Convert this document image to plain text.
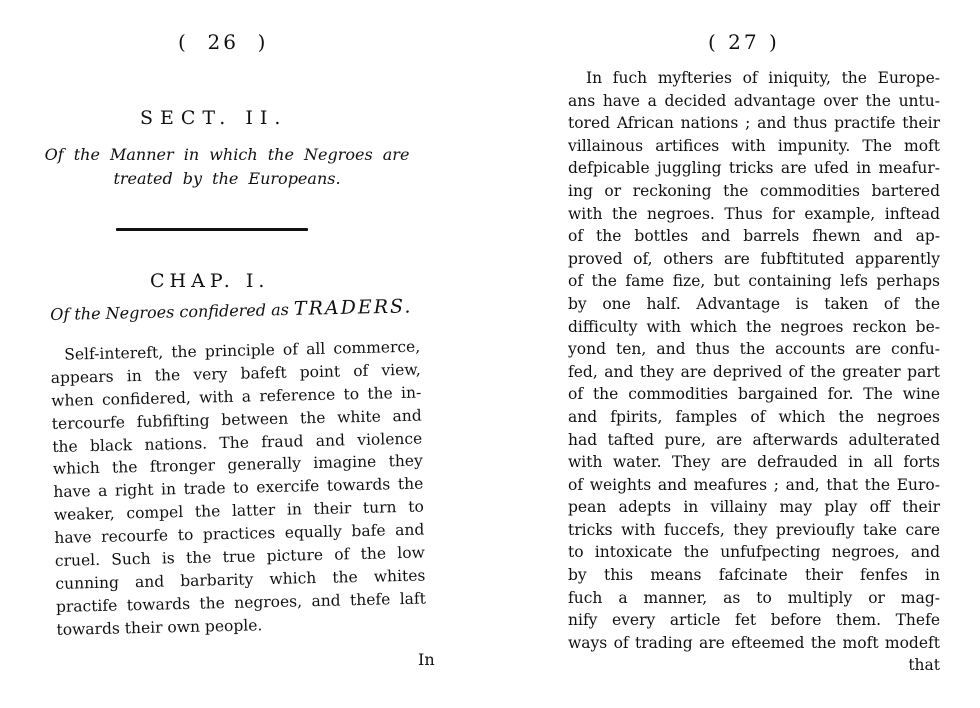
(  26  )
SECT. II.
Of the Manner in which the Negroes are treated by the Europeans.
CHAP. I.
Of the Negroes confidered as TRADERS.
Self-intereft, the principle of all commerce,
appears in the very bafeft point of view,
when confidered, with a reference to the in-
tercourfe fubfifting between the white and
the black nations. The fraud and violence
which the ftronger generally imagine they
have a right in trade to exercife towards the
weaker, compel the latter in their turn to
have recourfe to practices equally bafe and
cruel. Such is the true picture of the low
cunning and barbarity which the whites
practife towards the negroes, and thefe laft
towards their own people.
In
( 27 )
In fuch myfteries of iniquity, the Europe-
ans have a decided advantage over the untu-
tored African nations ; and thus practife their
villainous artifices with impunity. The moft
defpicable juggling tricks are ufed in meafur-
ing or reckoning the commodities bartered
with the negroes. Thus for example, inftead
of the bottles and barrels fhewn and ap-
proved of, others are fubftituted apparently
of the fame fize, but containing lefs perhaps
by one half. Advantage is taken of the
difficulty with which the negroes reckon be-
yond ten, and thus the accounts are confu-
fed, and they are deprived of the greater part
of the commodities bargained for. The wine
and fpirits, famples of which the negroes
had tafted pure, are afterwards adulterated
with water. They are defrauded in all forts
of weights and meafures ; and, that the Euro-
pean adepts in villainy may play off their
tricks with fuccefs, they previoufly take care
to intoxicate the unfufpecting negroes, and
by this means fafcinate their fenfes in
fuch a manner, as to multiply or mag-
nify every article fet before them. Thefe
ways of trading are efteemed the moft modeft
that
